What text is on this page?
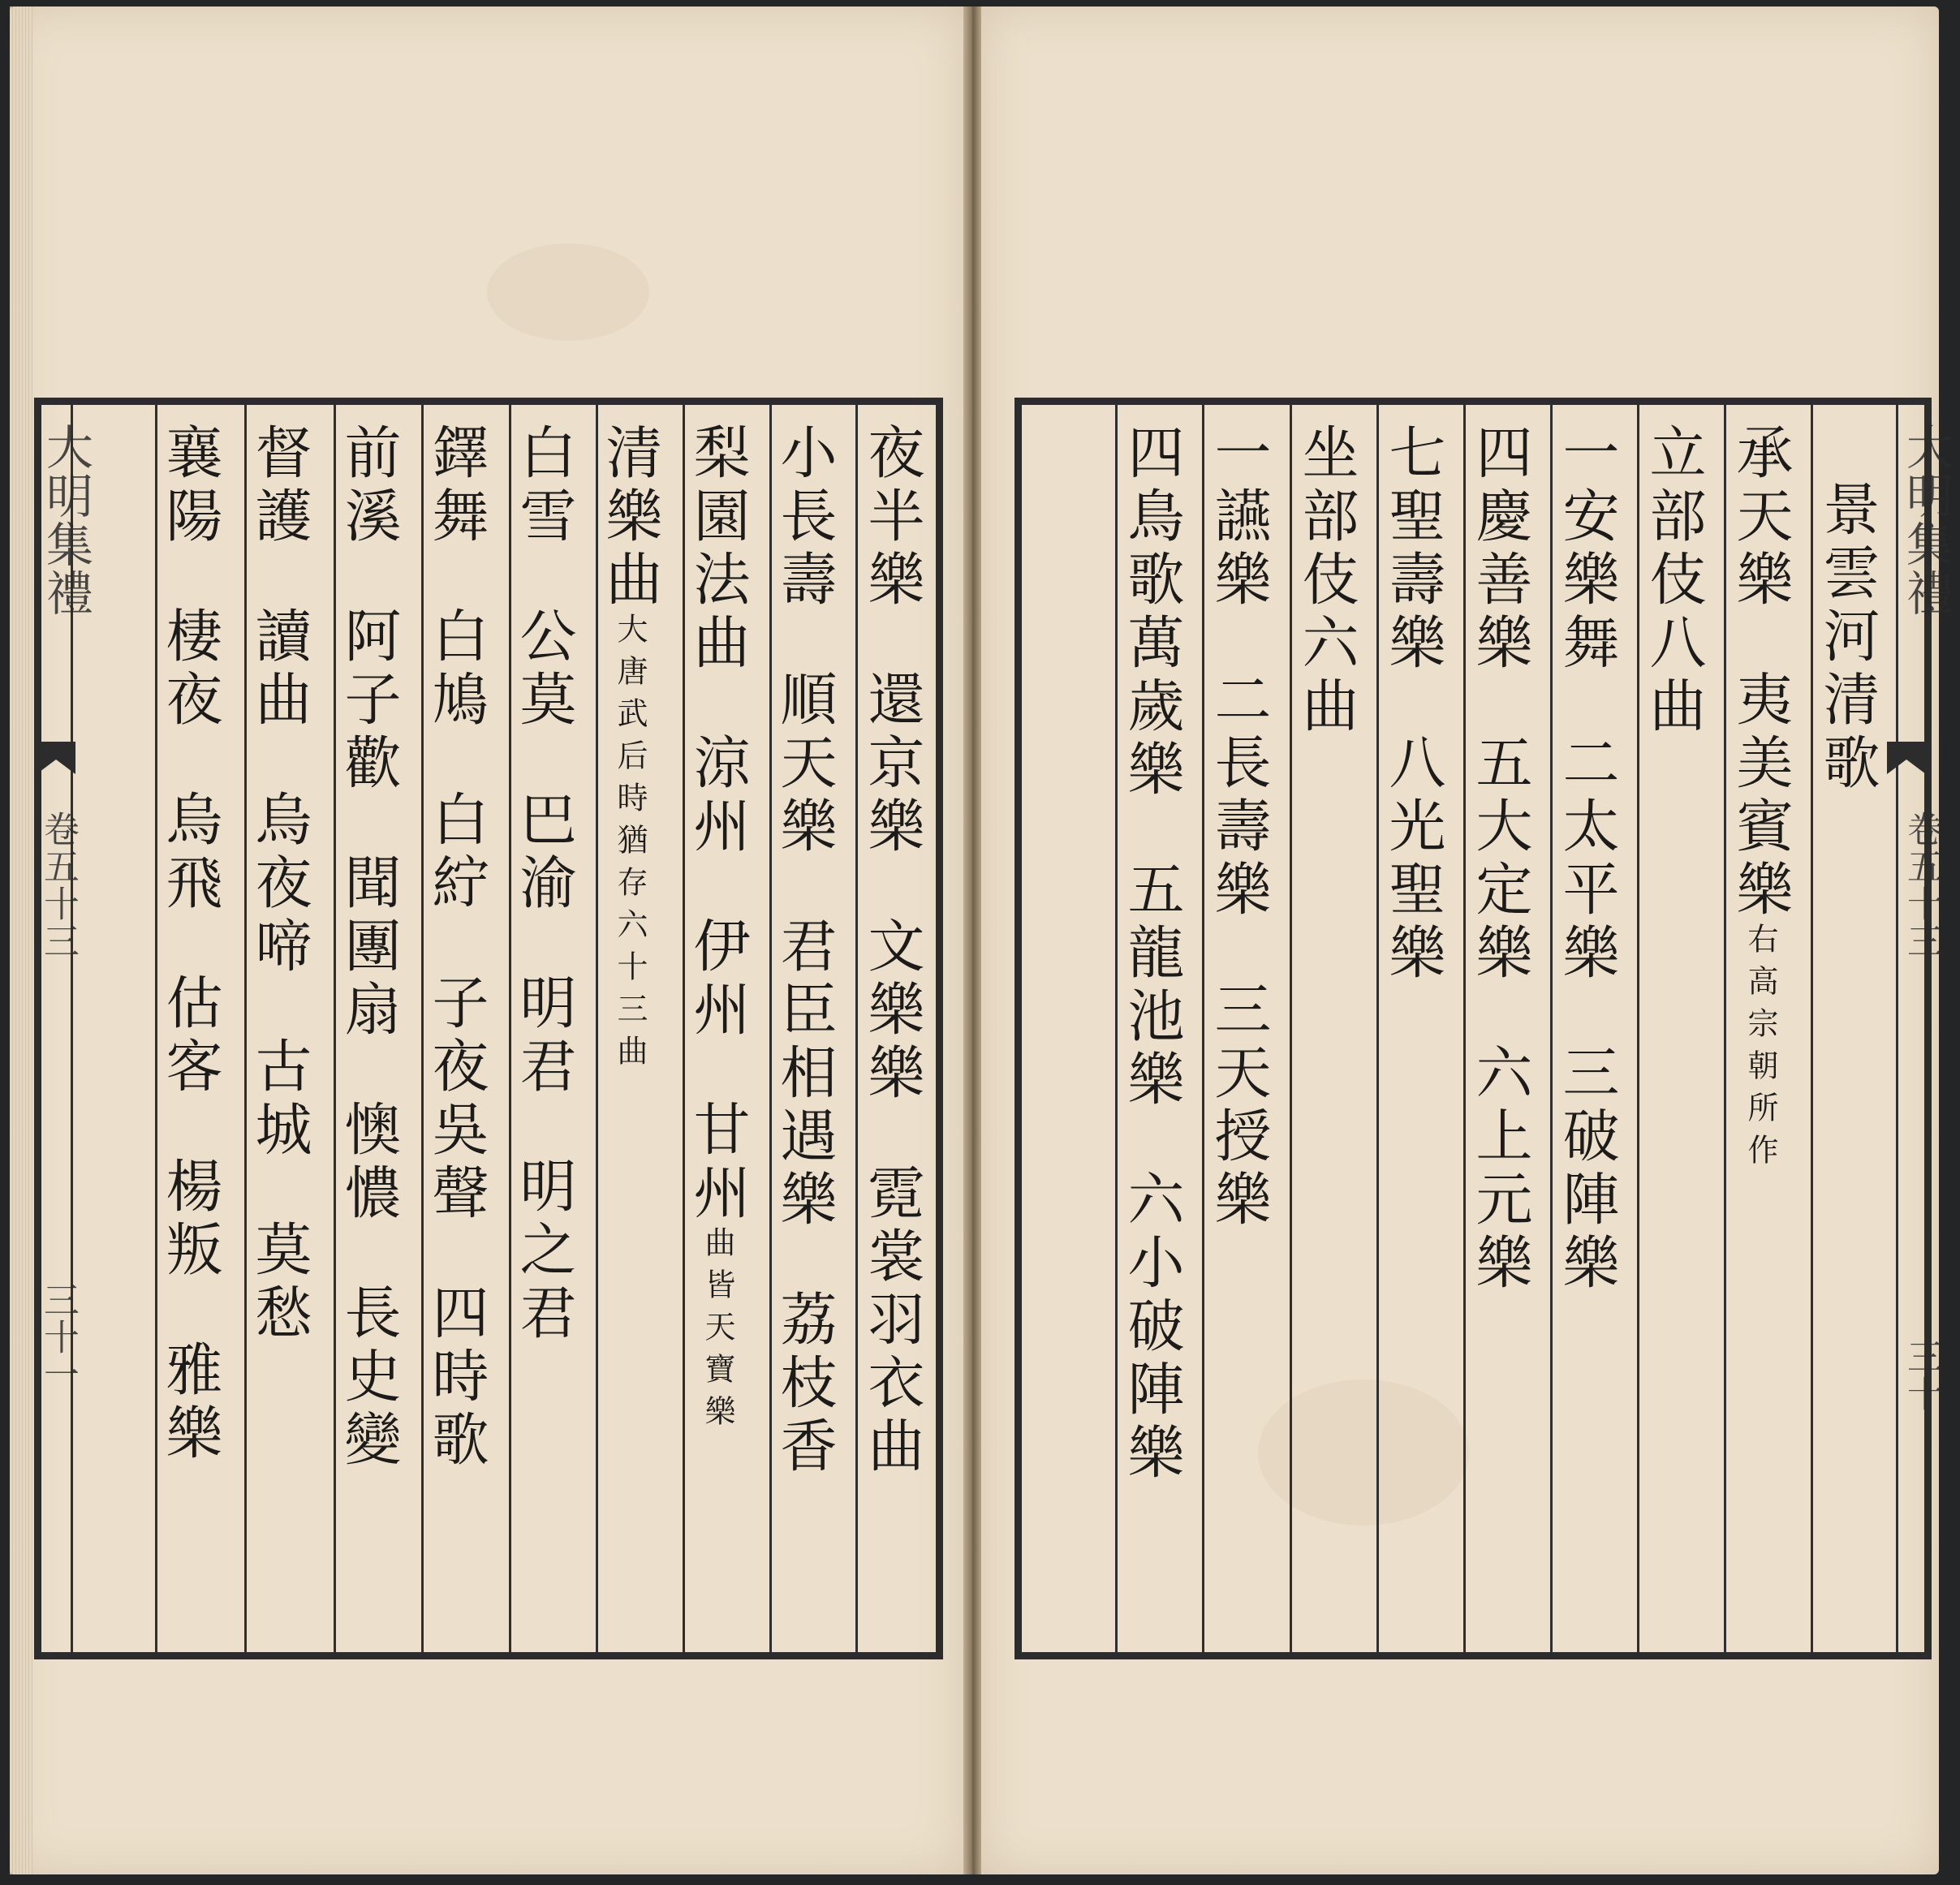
大明集禮
卷五十三
三十一
夜半樂還京樂文樂樂霓裳羽衣曲
小長壽順天樂君臣相遇樂荔枝香
梨園法曲涼州伊州甘州曲皆天寶樂
清樂曲大唐武后時猶存六十三曲
白雪公莫巴渝明君明之君
鐸舞白鳩白紵子夜吳聲四時歌
前溪阿子歡聞團扇懊憹長史變
督護讀曲烏夜啼古城莫愁
襄陽棲夜烏飛估客楊叛雅樂
大明集禮
卷五十三
三十
景雲河清歌
承天樂夷美賓樂右高宗朝所作
立部伎八曲
一安樂舞二太平樂三破陣樂
四慶善樂五大定樂六上元樂
七聖壽樂八光聖樂
坐部伎六曲
一讌樂二長壽樂三天授樂
四鳥歌萬歲樂五龍池樂六小破陣樂
